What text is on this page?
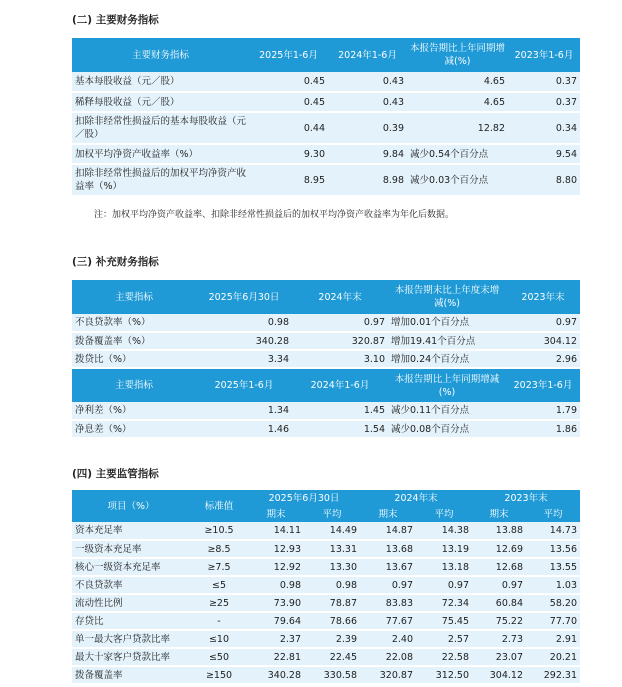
(二) 主要财务指标
主要财务指标	2025年1-6月	2024年1-6月	本报告期比上年同期增减(%)	2023年1-6月
基本每股收益（元／股）	0.45	0.43	4.65	0.37
稀释每股收益（元／股）	0.45	0.43	4.65	0.37
扣除非经常性损益后的基本每股收益（元／股）	0.44	0.39	12.82	0.34
加权平均净资产收益率（%）	9.30	9.84	减少0.54个百分点	9.54
扣除非经常性损益后的加权平均净资产收益率（%）	8.95	8.98	减少0.03个百分点	8.80
注：加权平均净资产收益率、扣除非经常性损益后的加权平均净资产收益率为年化后数据。
(三) 补充财务指标
主要指标	2025年6月30日	2024年末	本报告期末比上年度末增减(%)	2023年末
不良贷款率（%）	0.98	0.97	增加0.01个百分点	0.97
拨备覆盖率（%）	340.28	320.87	增加19.41个百分点	304.12
拨贷比（%）	3.34	3.10	增加0.24个百分点	2.96
主要指标	2025年1-6月	2024年1-6月	本报告期比上年同期增减(%)	2023年1-6月
净利差（%）	1.34	1.45	减少0.11个百分点	1.79
净息差（%）	1.46	1.54	减少0.08个百分点	1.86
(四) 主要监管指标
项目（%）	标准值	2025年6月30日		2024年末		2023年末	
		期末	平均	期末	平均	期末	平均
资本充足率	≥10.5	14.11	14.49	14.87	14.38	13.88	14.73
一级资本充足率	≥8.5	12.93	13.31	13.68	13.19	12.69	13.56
核心一级资本充足率	≥7.5	12.92	13.30	13.67	13.18	12.68	13.55
不良贷款率	≤5	0.98	0.98	0.97	0.97	0.97	1.03
流动性比例	≥25	73.90	78.87	83.83	72.34	60.84	58.20
存贷比	-	79.64	78.66	77.67	75.45	75.22	77.70
单一最大客户贷款比率	≤10	2.37	2.39	2.40	2.57	2.73	2.91
最大十家客户贷款比率	≤50	22.81	22.45	22.08	22.58	23.07	20.21
拨备覆盖率	≥150	340.28	330.58	320.87	312.50	304.12	292.31
